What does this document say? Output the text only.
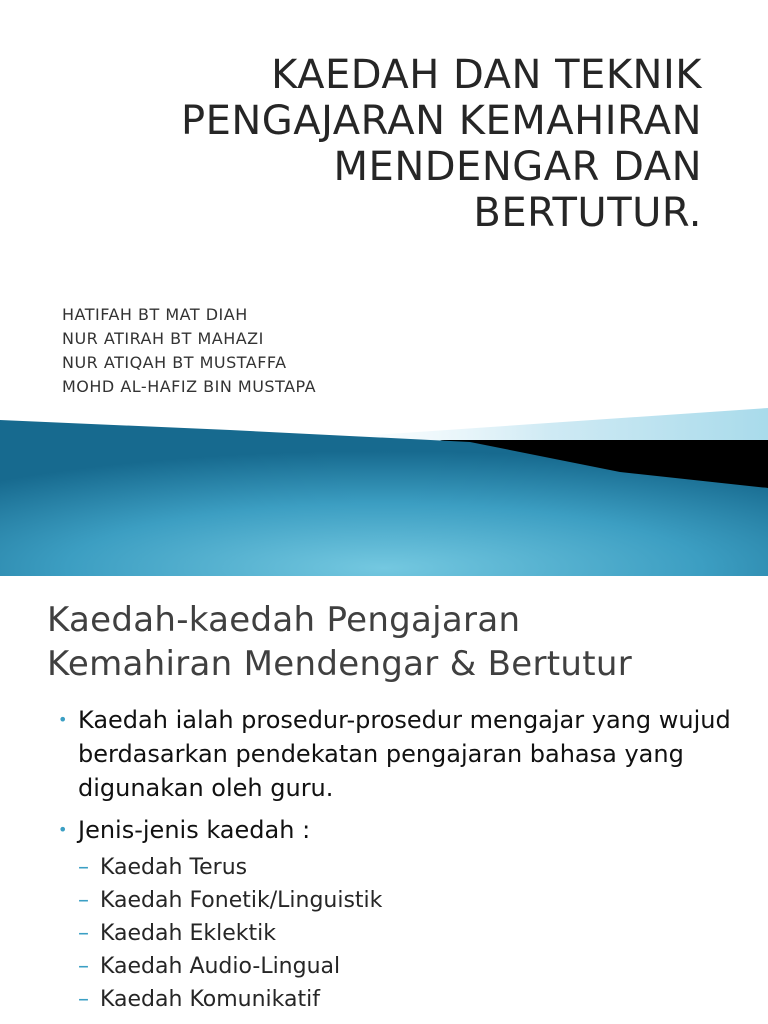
KAEDAH DAN TEKNIK
PENGAJARAN KEMAHIRAN
MENDENGAR DAN
BERTUTUR.
HATIFAH BT MAT DIAH
NUR ATIRAH BT MAHAZI
NUR ATIQAH BT MUSTAFFA
MOHD AL-HAFIZ BIN MUSTAPA
Kaedah-kaedah Pengajaran
Kemahiran Mendengar & Bertutur
• Kaedah ialah prosedur-prosedur mengajar yang wujud berdasarkan pendekatan pengajaran bahasa yang digunakan oleh guru.
• Jenis-jenis kaedah :
– Kaedah Terus
– Kaedah Fonetik/Linguistik
– Kaedah Eklektik
– Kaedah Audio-Lingual
– Kaedah Komunikatif
